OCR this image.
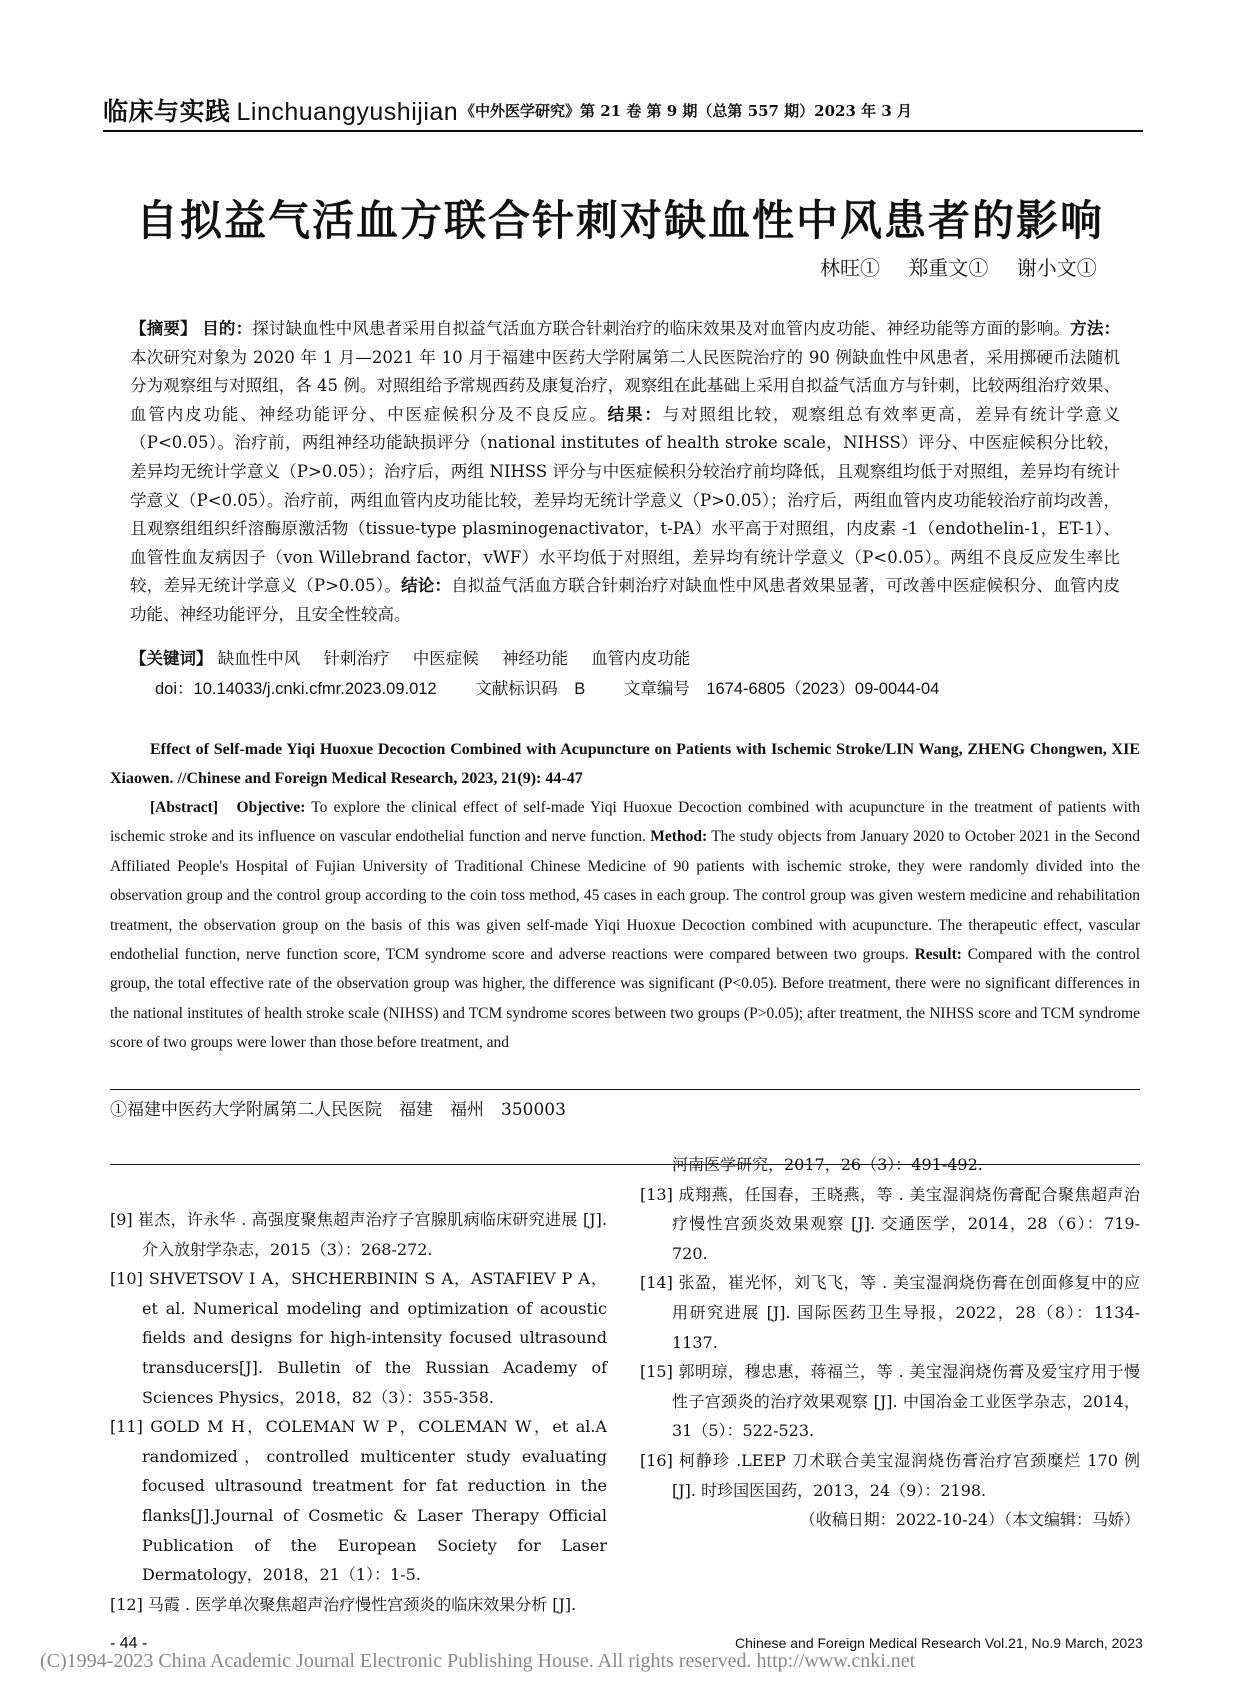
临床与实践 Linchuangyushijian 《中外医学研究》第 21 卷 第 9 期（总第 557 期）2023 年 3 月
自拟益气活血方联合针刺对缺血性中风患者的影响
林旺① 郑重文① 谢小文①
【摘要】 目的：探讨缺血性中风患者采用自拟益气活血方联合针刺治疗的临床效果及对血管内皮功能、神经功能等方面的影响。方法：本次研究对象为 2020 年 1 月—2021 年 10 月于福建中医药大学附属第二人民医院治疗的 90 例缺血性中风患者，采用掷硬币法随机分为观察组与对照组，各 45 例。对照组给予常规西药及康复治疗，观察组在此基础上采用自拟益气活血方与针刺，比较两组治疗效果、血管内皮功能、神经功能评分、中医症候积分及不良反应。结果：与对照组比较，观察组总有效率更高，差异有统计学意义（P<0.05）。治疗前，两组神经功能缺损评分（national institutes of health stroke scale，NIHSS）评分、中医症候积分比较，差异均无统计学意义（P>0.05）；治疗后，两组 NIHSS 评分与中医症候积分较治疗前均降低，且观察组均低于对照组，差异均有统计学意义（P<0.05）。治疗前，两组血管内皮功能比较，差异均无统计学意义（P>0.05）；治疗后，两组血管内皮功能较治疗前均改善，且观察组组织纤溶酶原激活物（tissue-type plasminogenactivator，t-PA）水平高于对照组，内皮素 -1（endothelin-1，ET-1）、血管性血友病因子（von Willebrand factor，vWF）水平均低于对照组，差异均有统计学意义（P<0.05）。两组不良反应发生率比较，差异无统计学意义（P>0.05）。结论：自拟益气活血方联合针刺治疗对缺血性中风患者效果显著，可改善中医症候积分、血管内皮功能、神经功能评分，且安全性较高。
【关键词】 缺血性中风 针刺治疗 中医症候 神经功能 血管内皮功能
doi：10.14033/j.cnki.cfmr.2023.09.012 文献标识码　B 文章编号　1674-6805（2023）09-0044-04
Effect of Self-made Yiqi Huoxue Decoction Combined with Acupuncture on Patients with Ischemic Stroke/LIN Wang, ZHENG Chongwen, XIE Xiaowen. //Chinese and Foreign Medical Research, 2023, 21(9): 44-47
[Abstract] Objective: To explore the clinical effect of self-made Yiqi Huoxue Decoction combined with acupuncture in the treatment of patients with ischemic stroke and its influence on vascular endothelial function and nerve function. Method: The study objects from January 2020 to October 2021 in the Second Affiliated People's Hospital of Fujian University of Traditional Chinese Medicine of 90 patients with ischemic stroke, they were randomly divided into the observation group and the control group according to the coin toss method, 45 cases in each group. The control group was given western medicine and rehabilitation treatment, the observation group on the basis of this was given self-made Yiqi Huoxue Decoction combined with acupuncture. The therapeutic effect, vascular endothelial function, nerve function score, TCM syndrome score and adverse reactions were compared between two groups. Result: Compared with the control group, the total effective rate of the observation group was higher, the difference was significant (P<0.05). Before treatment, there were no significant differences in the national institutes of health stroke scale (NIHSS) and TCM syndrome scores between two groups (P>0.05); after treatment, the NIHSS score and TCM syndrome score of two groups were lower than those before treatment, and
①福建中医药大学附属第二人民医院　福建　福州　350003

[9] 崔杰，许永华 . 高强度聚焦超声治疗子宫腺肌病临床研究进展 [J]. 介入放射学杂志，2015（3）：268-272.

[10] SHVETSOV I A，SHCHERBININ S A，ASTAFIEV P A，et al. Numerical modeling and optimization of acoustic fields and designs for high-intensity focused ultrasound transducers[J]. Bulletin of the Russian Academy of Sciences Physics，2018，82（3）：355-358.

[11] GOLD M H，COLEMAN W P，COLEMAN W，et al.A randomized，controlled multicenter study evaluating focused ultrasound treatment for fat reduction in the flanks[J].Journal of Cosmetic & Laser Therapy Official Publication of the European Society for Laser Dermatology，2018，21（1）：1-5.

[12] 马霞 . 医学单次聚焦超声治疗慢性宫颈炎的临床效果分析 [J].

河南医学研究，2017，26（3）：491-492.

[13] 成翔燕，任国春，王晓燕，等 . 美宝湿润烧伤膏配合聚焦超声治疗慢性宫颈炎效果观察 [J]. 交通医学，2014，28（6）：719-720.

[14] 张盈，崔光怀，刘飞飞，等 . 美宝湿润烧伤膏在创面修复中的应用研究进展 [J]. 国际医药卫生导报，2022，28（8）：1134-1137.

[15] 郭明琼，穆忠惠，蒋福兰，等 . 美宝湿润烧伤膏及爱宝疗用于慢性子宫颈炎的治疗效果观察 [J]. 中国冶金工业医学杂志，2014，31（5）：522-523.

[16] 柯静珍 .LEEP 刀术联合美宝湿润烧伤膏治疗宫颈糜烂 170 例 [J]. 时珍国医国药，2013，24（9）：2198.

（收稿日期：2022-10-24）（本文编辑：马娇）

- 44 -	Chinese and Foreign Medical Research Vol.21, No.9 March, 2023
(C)1994-2023 China Academic Journal Electronic Publishing House. All rights reserved. http://www.cnki.net
